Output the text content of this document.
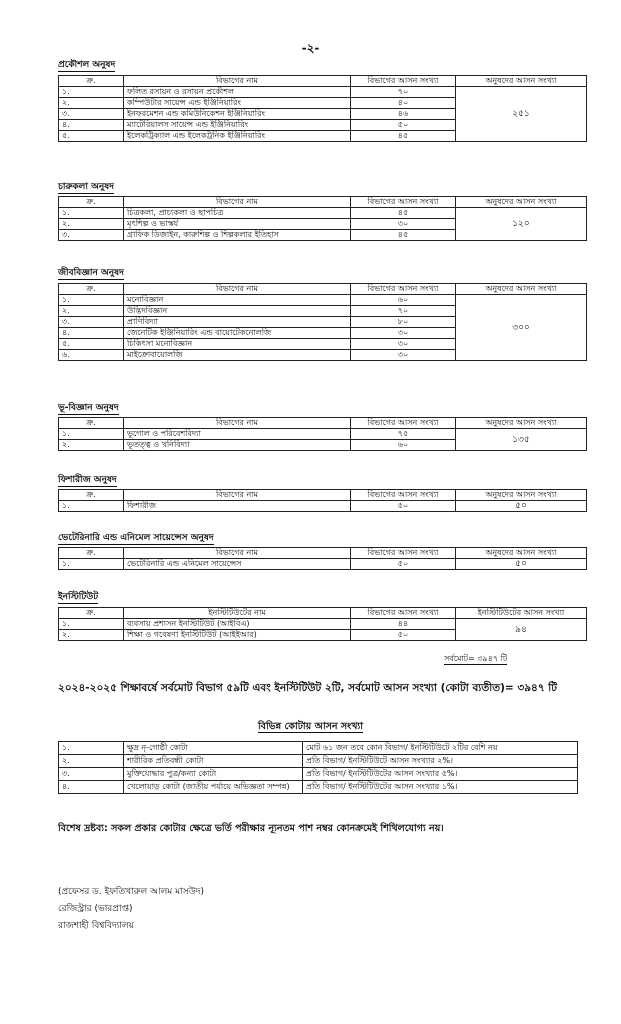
-২-
প্রকৌশল অনুষদ
ক্র.	বিভাগের নাম	বিভাগের আসন সংখ্যা	অনুষদের আসন সংখ্যা
১.	ফলিত রসায়ন ও রসায়ন প্রকৌশল	৭০	২৫১
২.	কম্পিউটার সায়েন্স এন্ড ইঞ্জিনিয়ারিং	৪০	
৩.	ইনফরমেশন এন্ড কমিউনিকেশন ইঞ্জিনিয়ারিং	৪৬	
৪.	ম্যাটেরিয়ালস সায়েন্স এন্ড ইঞ্জিনিয়ারিং	৫০	
৫.	ইলেকট্রিক্যাল এন্ড ইলেকট্রনিক ইঞ্জিনিয়ারিং	৪৫	
চারুকলা অনুষদ
ক্র.	বিভাগের নাম	বিভাগের আসন সংখ্যা	অনুষদের আসন সংখ্যা
১.	চিত্রকলা, প্রাচ্যকলা ও ছাপচিত্র	৪৫	১২০
২.	মৃৎশিল্প ও ভাস্কর্য	৩০	
৩.	গ্রাফিক ডিজাইন, কারুশিল্প ও শিল্পকলার ইতিহাস	৪৫	
জীববিজ্ঞান অনুষদ
ক্র.	বিভাগের নাম	বিভাগের আসন সংখ্যা	অনুষদের আসন সংখ্যা
১.	মনোবিজ্ঞান	৬০	৩০০
২.	উদ্ভিদবিজ্ঞান	৭০	
৩.	প্রাণিবিদ্যা	৮০	
৪.	জেনেটিক ইঞ্জিনিয়ারিং এন্ড বায়োটেকনোলজি	৩০	
৫.	চিকিৎসা মনোবিজ্ঞান	৩০	
৬.	মাইক্রোবায়োলজি	৩০	
ভূ-বিজ্ঞান অনুষদ
ক্র.	বিভাগের নাম	বিভাগের আসন সংখ্যা	অনুষদের আসন সংখ্যা
১.	ভূগোল ও পরিবেশবিদ্যা	৭৫	১৩৫
২.	ভূতত্ত্ব ও খনিবিদ্যা	৬০	
ফিশারীজ অনুষদ
ক্র.	বিভাগের নাম	বিভাগের আসন সংখ্যা	অনুষদের আসন সংখ্যা
১.	ফিশারীজ	৫০	৫০
ভেটেরিনারি এন্ড এনিমেল সায়েন্সেস অনুষদ
ক্র.	বিভাগের নাম	বিভাগের আসন সংখ্যা	অনুষদের আসন সংখ্যা
১.	ভেটেরিনারি এন্ড এনিমেল সায়েন্সেস	৫০	৫০
ইনস্টিটিউট
ক্র.	ইনস্টিটিউটের নাম	বিভাগের আসন সংখ্যা	ইনস্টিটিউটের আসন সংখ্যা
১.	ব্যবসায় প্রশাসন ইনস্টিটিউট (আইবিএ)	৪৪	৯৪
২.	শিক্ষা ও গবেষণা ইনস্টিটিউট (আইইআর)	৫০	
সর্বমোট= ৩৯৪৭ টি
২০২৪-২০২৫ শিক্ষাবর্ষে সর্বমোট বিভাগ ৫৯টি এবং ইনস্টিটিউট ২টি, সর্বমোট আসন সংখ্যা (কোটা ব্যতীত)= ৩৯৪৭ টি
বিভিন্ন কোটায় আসন সংখ্যা
১.	ক্ষুদ্র নৃ-গোষ্ঠী কোটা	মোট ৬১ জন তবে কোন বিভাগ/ ইনস্টিটিউটে ২টির বেশি নয়
২.	শারীরিক প্রতিবন্ধী কোটা	প্রতি বিভাগ/ ইনস্টিটিউটে আসন সংখ্যার ২%।
৩.	মুক্তিযোদ্ধার পুত্র/কন্যা কোটা	প্রতি বিভাগ/ ইনস্টিটিউটের আসন সংখ্যার ৫%।
৪.	খেলোয়াড় কোটা (জাতীয় পর্যায়ে অভিজ্ঞতা সম্পন্ন)	প্রতি বিভাগ/ ইনস্টিটিউটের আসন সংখ্যার ১%।
বিশেষ দ্রষ্টব্য: সকল প্রকার কোটার ক্ষেত্রে ভর্তি পরীক্ষার ন্যূনতম পাশ নম্বর কোনক্রমেই শিথিলযোগ্য নয়।
(প্রফেসর ড. ইফতিখারুল আলম মাসউদ)
রেজিস্ট্রার (ভারপ্রাপ্ত)
রাজশাহী বিশ্ববিদ্যালয়
